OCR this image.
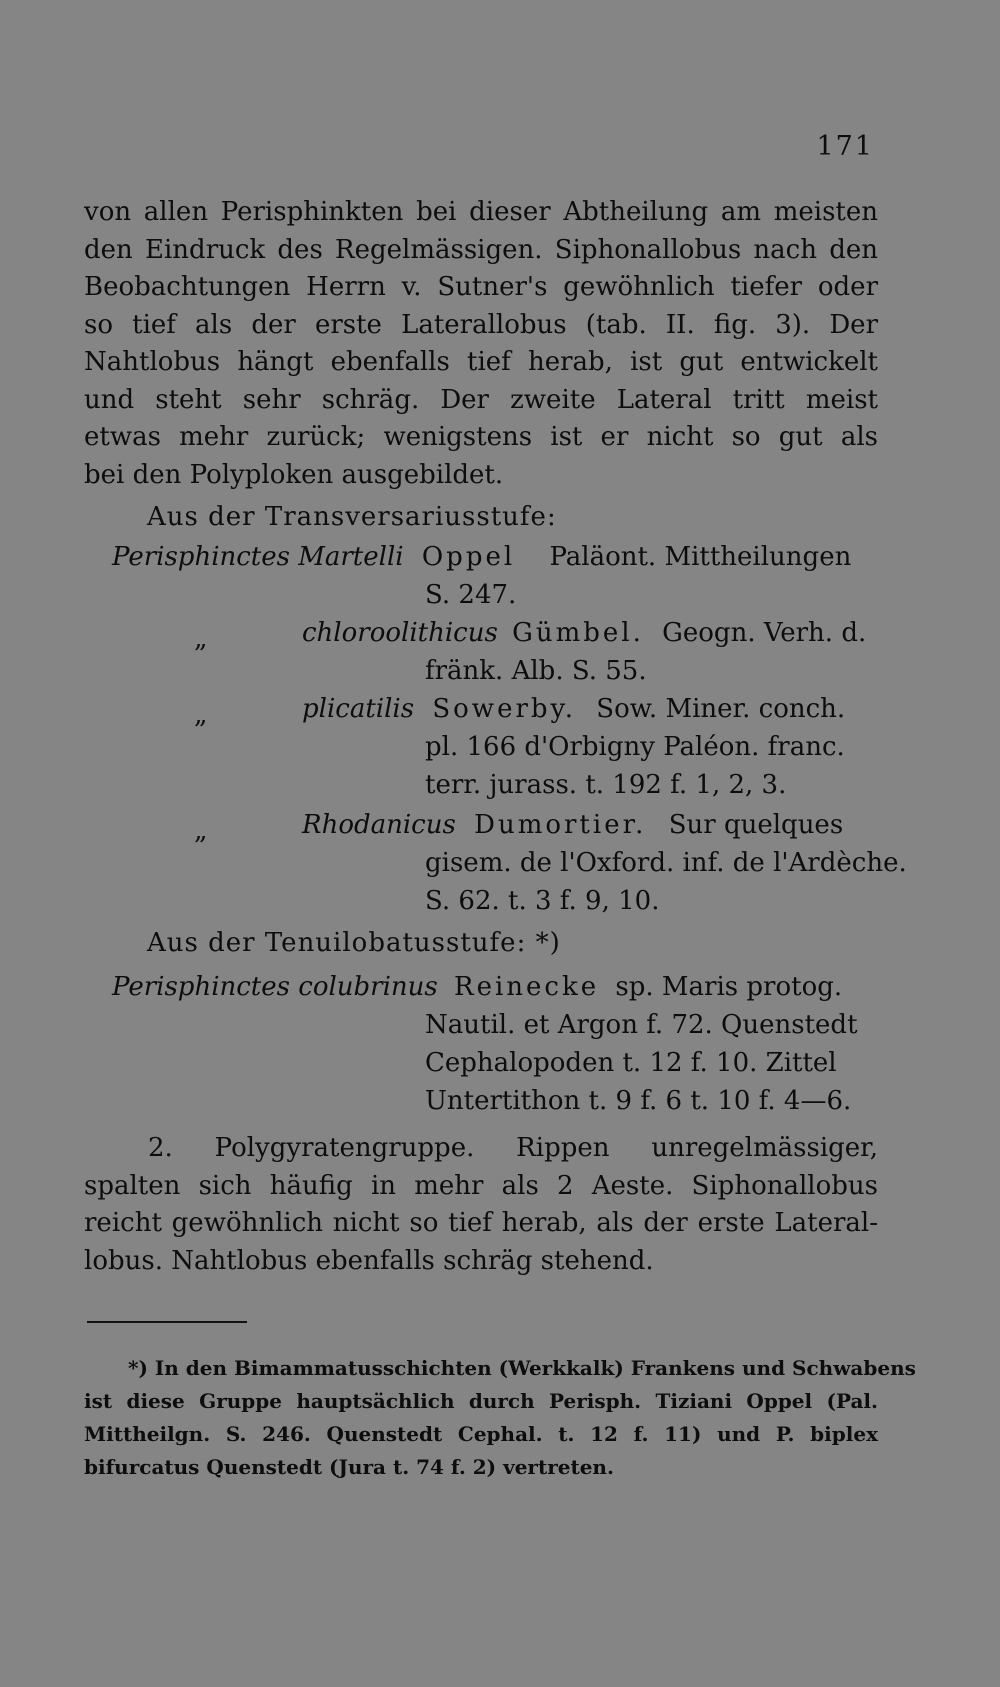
171
von allen Perisphinkten bei dieser Abtheilung am meisten
den Eindruck des Regelmässigen. Siphonallobus nach den
Beobachtungen Herrn v. Sutner's gewöhnlich tiefer oder
so tief als der erste Laterallobus (tab. II. fig. 3). Der
Nahtlobus hängt ebenfalls tief herab, ist gut entwickelt
und steht sehr schräg. Der zweite Lateral tritt meist
etwas mehr zurück; wenigstens ist er nicht so gut als
bei den Polyploken ausgebildet.
Aus der Transversariusstufe:
Perisphinctes Martelli Oppel Paläont. Mittheilungen
S. 247.
„	chloroolithicus Gümbel. Geogn. Verh. d.
fränk. Alb. S. 55.
„	plicatilis Sowerby. Sow. Miner. conch.
pl. 166 d'Orbigny Paléon. franc.
terr. jurass. t. 192 f. 1, 2, 3.
„	Rhodanicus Dumortier. Sur quelques
gisem. de l'Oxford. inf. de l'Ardèche.
S. 62. t. 3 f. 9, 10.
Aus der Tenuilobatusstufe: *)
Perisphinctes colubrinus Reinecke sp. Maris protog.
Nautil. et Argon f. 72. Quenstedt
Cephalopoden t. 12 f. 10. Zittel
Untertithon t. 9 f. 6 t. 10 f. 4—6.
2. Polygyratengruppe. Rippen unregelmässiger,
spalten sich häufig in mehr als 2 Aeste. Siphonallobus
reicht gewöhnlich nicht so tief herab, als der erste Lateral-
lobus. Nahtlobus ebenfalls schräg stehend.
*) In den Bimammatusschichten (Werkkalk) Frankens und Schwabens
ist diese Gruppe hauptsächlich durch Perisph. Tiziani Oppel (Pal.
Mittheilgn. S. 246. Quenstedt Cephal. t. 12 f. 11) und P. biplex
bifurcatus Quenstedt (Jura t. 74 f. 2) vertreten.
